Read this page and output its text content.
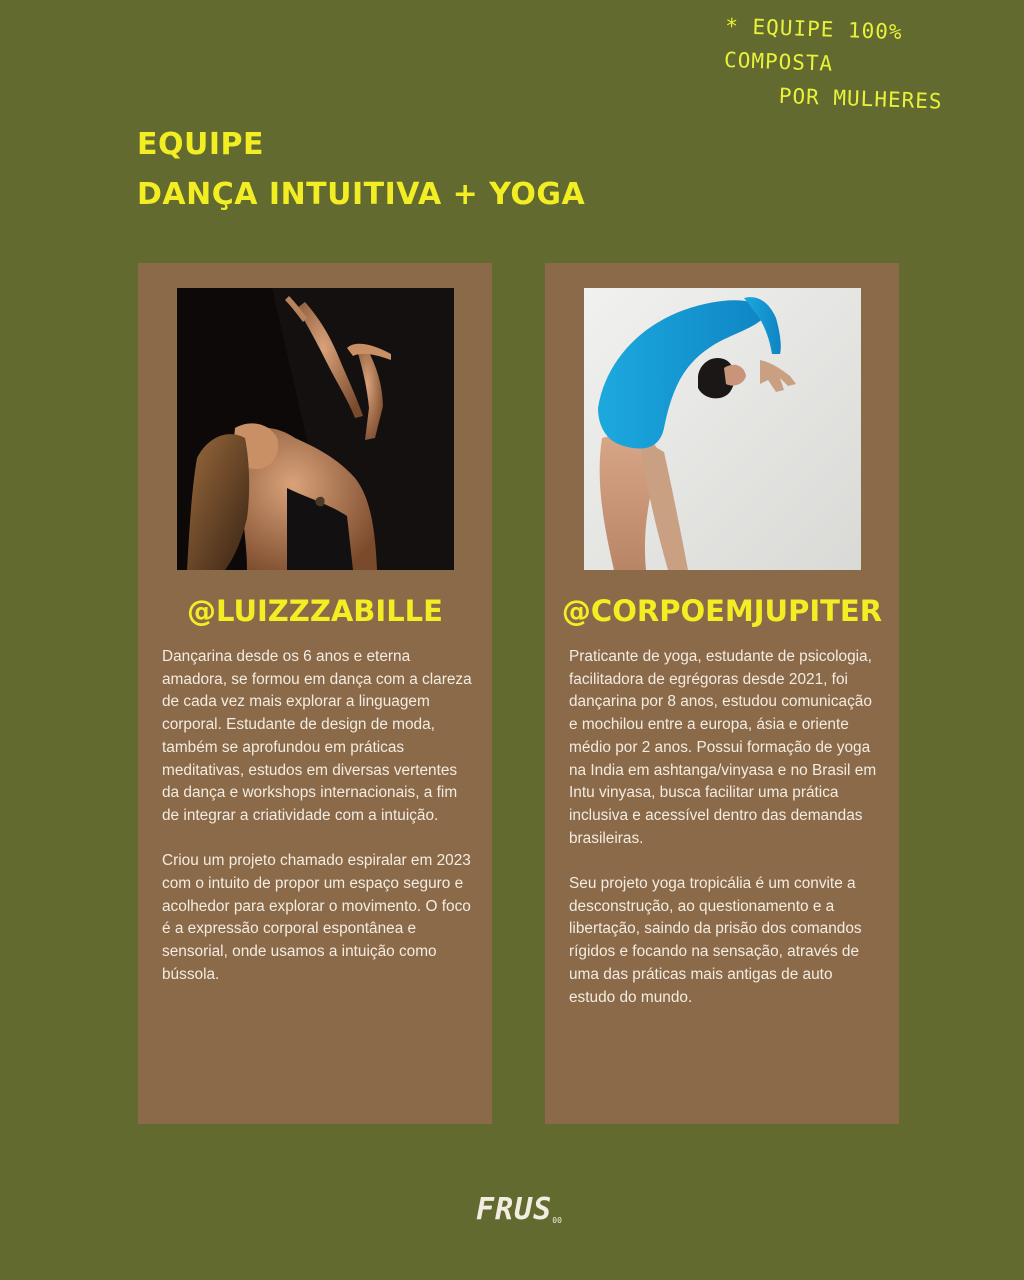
* EQUIPE 100% COMPOSTA
POR MULHERES
EQUIPE
DANÇA INTUITIVA + YOGA
@LUIZZZABILLE

Dançarina desde os 6 anos e eterna amadora, se formou em dança com a clareza de cada vez mais explorar a linguagem corporal. Estudante de design de moda, também se aprofundou em práticas meditativas, estudos em diversas vertentes da dança e workshops internacionais, a fim de integrar a criatividade com a intuição.

Criou um projeto chamado espiralar em 2023 com o intuito de propor um espaço seguro e acolhedor para explorar o movimento. O foco é a expressão corporal espontânea e sensorial, onde usamos a intuição como bússola.

@CORPOEMJUPITER

Praticante de yoga, estudante de psicologia, facilitadora de egrégoras desde 2021, foi dançarina por 8 anos, estudou comunicação e mochilou entre a europa, ásia e oriente médio por 2 anos. Possui formação de yoga na India em ashtanga/vinyasa e no Brasil em Intu vinyasa, busca facilitar uma prática inclusiva e acessível dentro das demandas brasileiras.

Seu projeto yoga tropicália é um convite a desconstrução, ao questionamento e a libertação, saindo da prisão dos comandos rígidos e focando na sensação, através de uma das práticas mais antigas de auto estudo do mundo.

$FRUS_{00}$
